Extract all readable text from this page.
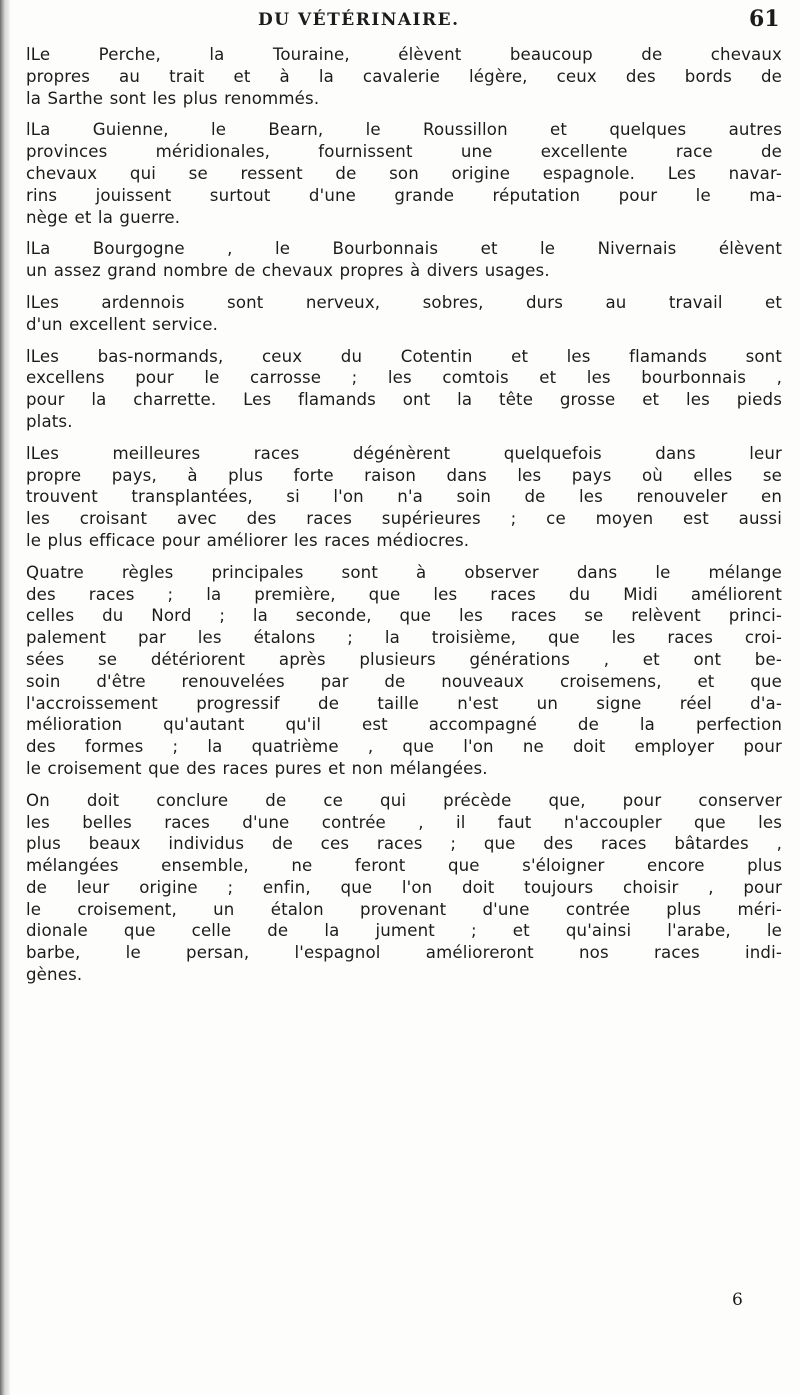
DU VÉTÉRINAIRE.	61
lLe Perche, la Touraine, élèvent beaucoup de chevaux
propres au trait et à la cavalerie légère, ceux des bords de
la Sarthe sont les plus renommés.
lLa Guienne, le Bearn, le Roussillon et quelques autres
provinces méridionales, fournissent une excellente race de
chevaux qui se ressent de son origine espagnole. Les navar-
rins jouissent surtout d'une grande réputation pour le ma-
nège et la guerre.
lLa Bourgogne , le Bourbonnais et le Nivernais élèvent
un assez grand nombre de chevaux propres à divers usages.
lLes ardennois sont nerveux, sobres, durs au travail et
d'un excellent service.
lLes bas-normands, ceux du Cotentin et les flamands sont
excellens pour le carrosse ; les comtois et les bourbonnais ,
pour la charrette. Les flamands ont la tête grosse et les pieds
plats.
lLes meilleures races dégénèrent quelquefois dans leur
propre pays, à plus forte raison dans les pays où elles se
trouvent transplantées, si l'on n'a soin de les renouveler en
les croisant avec des races supérieures ; ce moyen est aussi
le plus efficace pour améliorer les races médiocres.
Quatre règles principales sont à observer dans le mélange
des races ; la première, que les races du Midi améliorent
celles du Nord ; la seconde, que les races se relèvent princi-
palement par les étalons ; la troisième, que les races croi-
sées se détériorent après plusieurs générations , et ont be-
soin d'être renouvelées par de nouveaux croisemens, et que
l'accroissement progressif de taille n'est un signe réel d'a-
mélioration qu'autant qu'il est accompagné de la perfection
des formes ; la quatrième , que l'on ne doit employer pour
le croisement que des races pures et non mélangées.
On doit conclure de ce qui précède que, pour conserver
les belles races d'une contrée , il faut n'accoupler que les
plus beaux individus de ces races ; que des races bâtardes ,
mélangées ensemble, ne feront que s'éloigner encore plus
de leur origine ; enfin, que l'on doit toujours choisir , pour
le croisement, un étalon provenant d'une contrée plus méri-
dionale que celle de la jument ; et qu'ainsi l'arabe, le
barbe, le persan, l'espagnol amélioreront nos races indi-
gènes.
6
